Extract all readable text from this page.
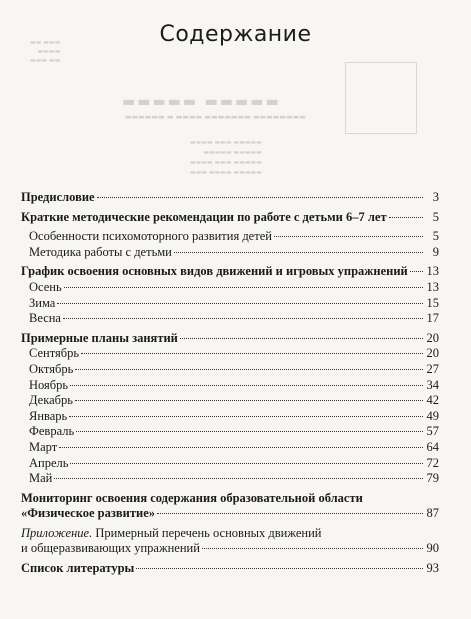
▬▬▬ ▬▬
▬▬▬▬
▬▬ ▬▬▬
▬▬▬▬▬ ▬▬▬▬▬
▬▬▬▬▬▬▬▬ ▬▬▬▬▬▬▬ ▬▬▬▬ ▬ ▬▬▬▬▬▬
▬▬▬▬▬ ▬▬▬ ▬▬▬▬
▬▬▬▬▬ ▬▬▬▬▬
▬▬▬▬▬ ▬▬▬ ▬▬▬▬
▬▬▬▬▬ ▬▬▬▬ ▬▬▬
Содержание
Предисловие	3
Краткие методические рекомендации по работе с детьми 6–7 лет	5
Особенности психомоторного развития детей	5
Методика работы с детьми	9
График освоения основных видов движений и игровых упражнений 13
Осень	13
Зима	15
Весна	17
Примерные планы занятий	20
Сентябрь	20
Октябрь	27
Ноябрь	34
Декабрь	42
Январь	49
Февраль	57
Март	64
Апрель	72
Май	79
Мониторинг освоения содержания образовательной области
«Физическое развитие»	87
Приложение. Примерный перечень основных движений
и общеразвивающих упражнений	90
Список литературы	93
